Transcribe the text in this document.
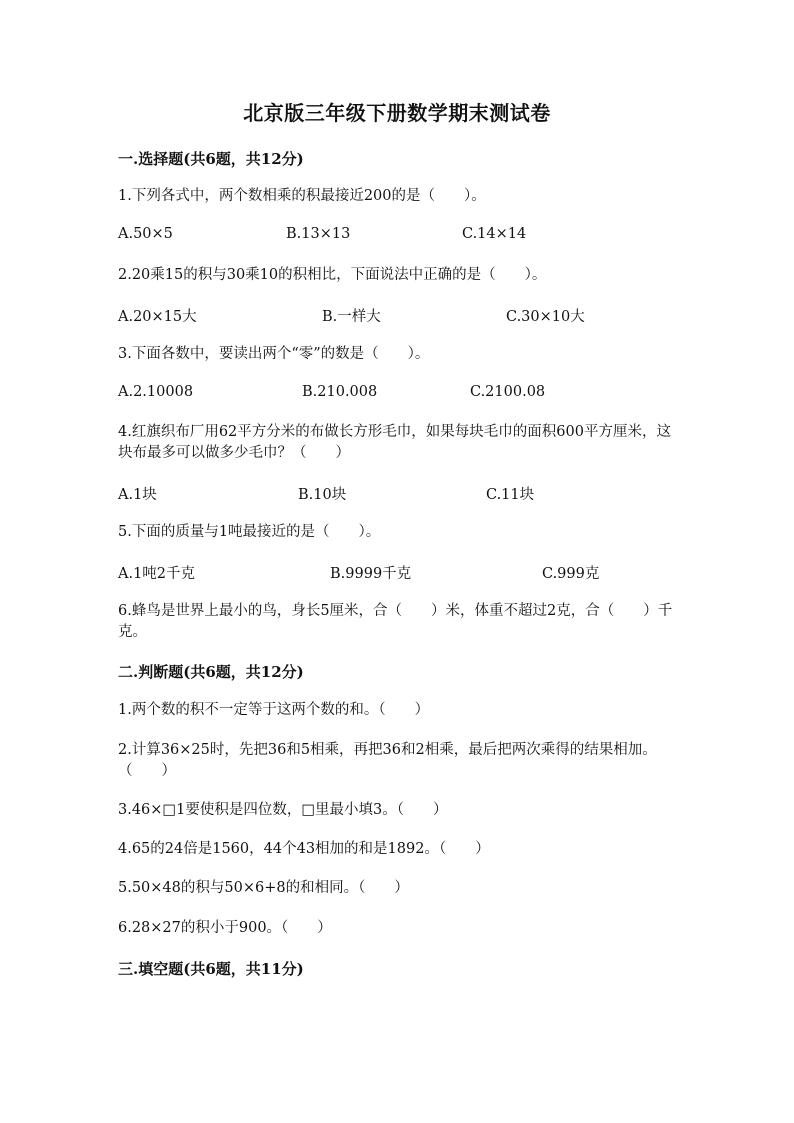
北京版三年级下册数学期末测试卷
一.选择题(共6题，共12分)
1.下列各式中，两个数相乘的积最接近200的是（　　）。
A.50×5	B.13×13	C.14×14
2.20乘15的积与30乘10的积相比，下面说法中正确的是（　　）。
A.20×15大	B.一样大	C.30×10大
3.下面各数中，要读出两个“零”的数是（　　）。
A.2.10008	B.210.008	C.2100.08
4.红旗织布厂用62平方分米的布做长方形毛巾，如果每块毛巾的面积600平方厘米，这块布最多可以做多少毛巾？（　　）
A.1块	B.10块	C.11块
5.下面的质量与1吨最接近的是（　　）。
A.1吨2千克	B.9999千克	C.999克
6.蜂鸟是世界上最小的鸟，身长5厘米，合（　　）米，体重不超过2克，合（　　）千克。
二.判断题(共6题，共12分)
1.两个数的积不一定等于这两个数的和。（　　）
2.计算36×25时，先把36和5相乘，再把36和2相乘，最后把两次乘得的结果相加。（　　）
3.46×□1要使积是四位数，□里最小填3。（　　）
4.65的24倍是1560，44个43相加的和是1892。（　　）
5.50×48的积与50×6+8的和相同。（　　）
6.28×27的积小于900。（　　）
三.填空题(共6题，共11分)
